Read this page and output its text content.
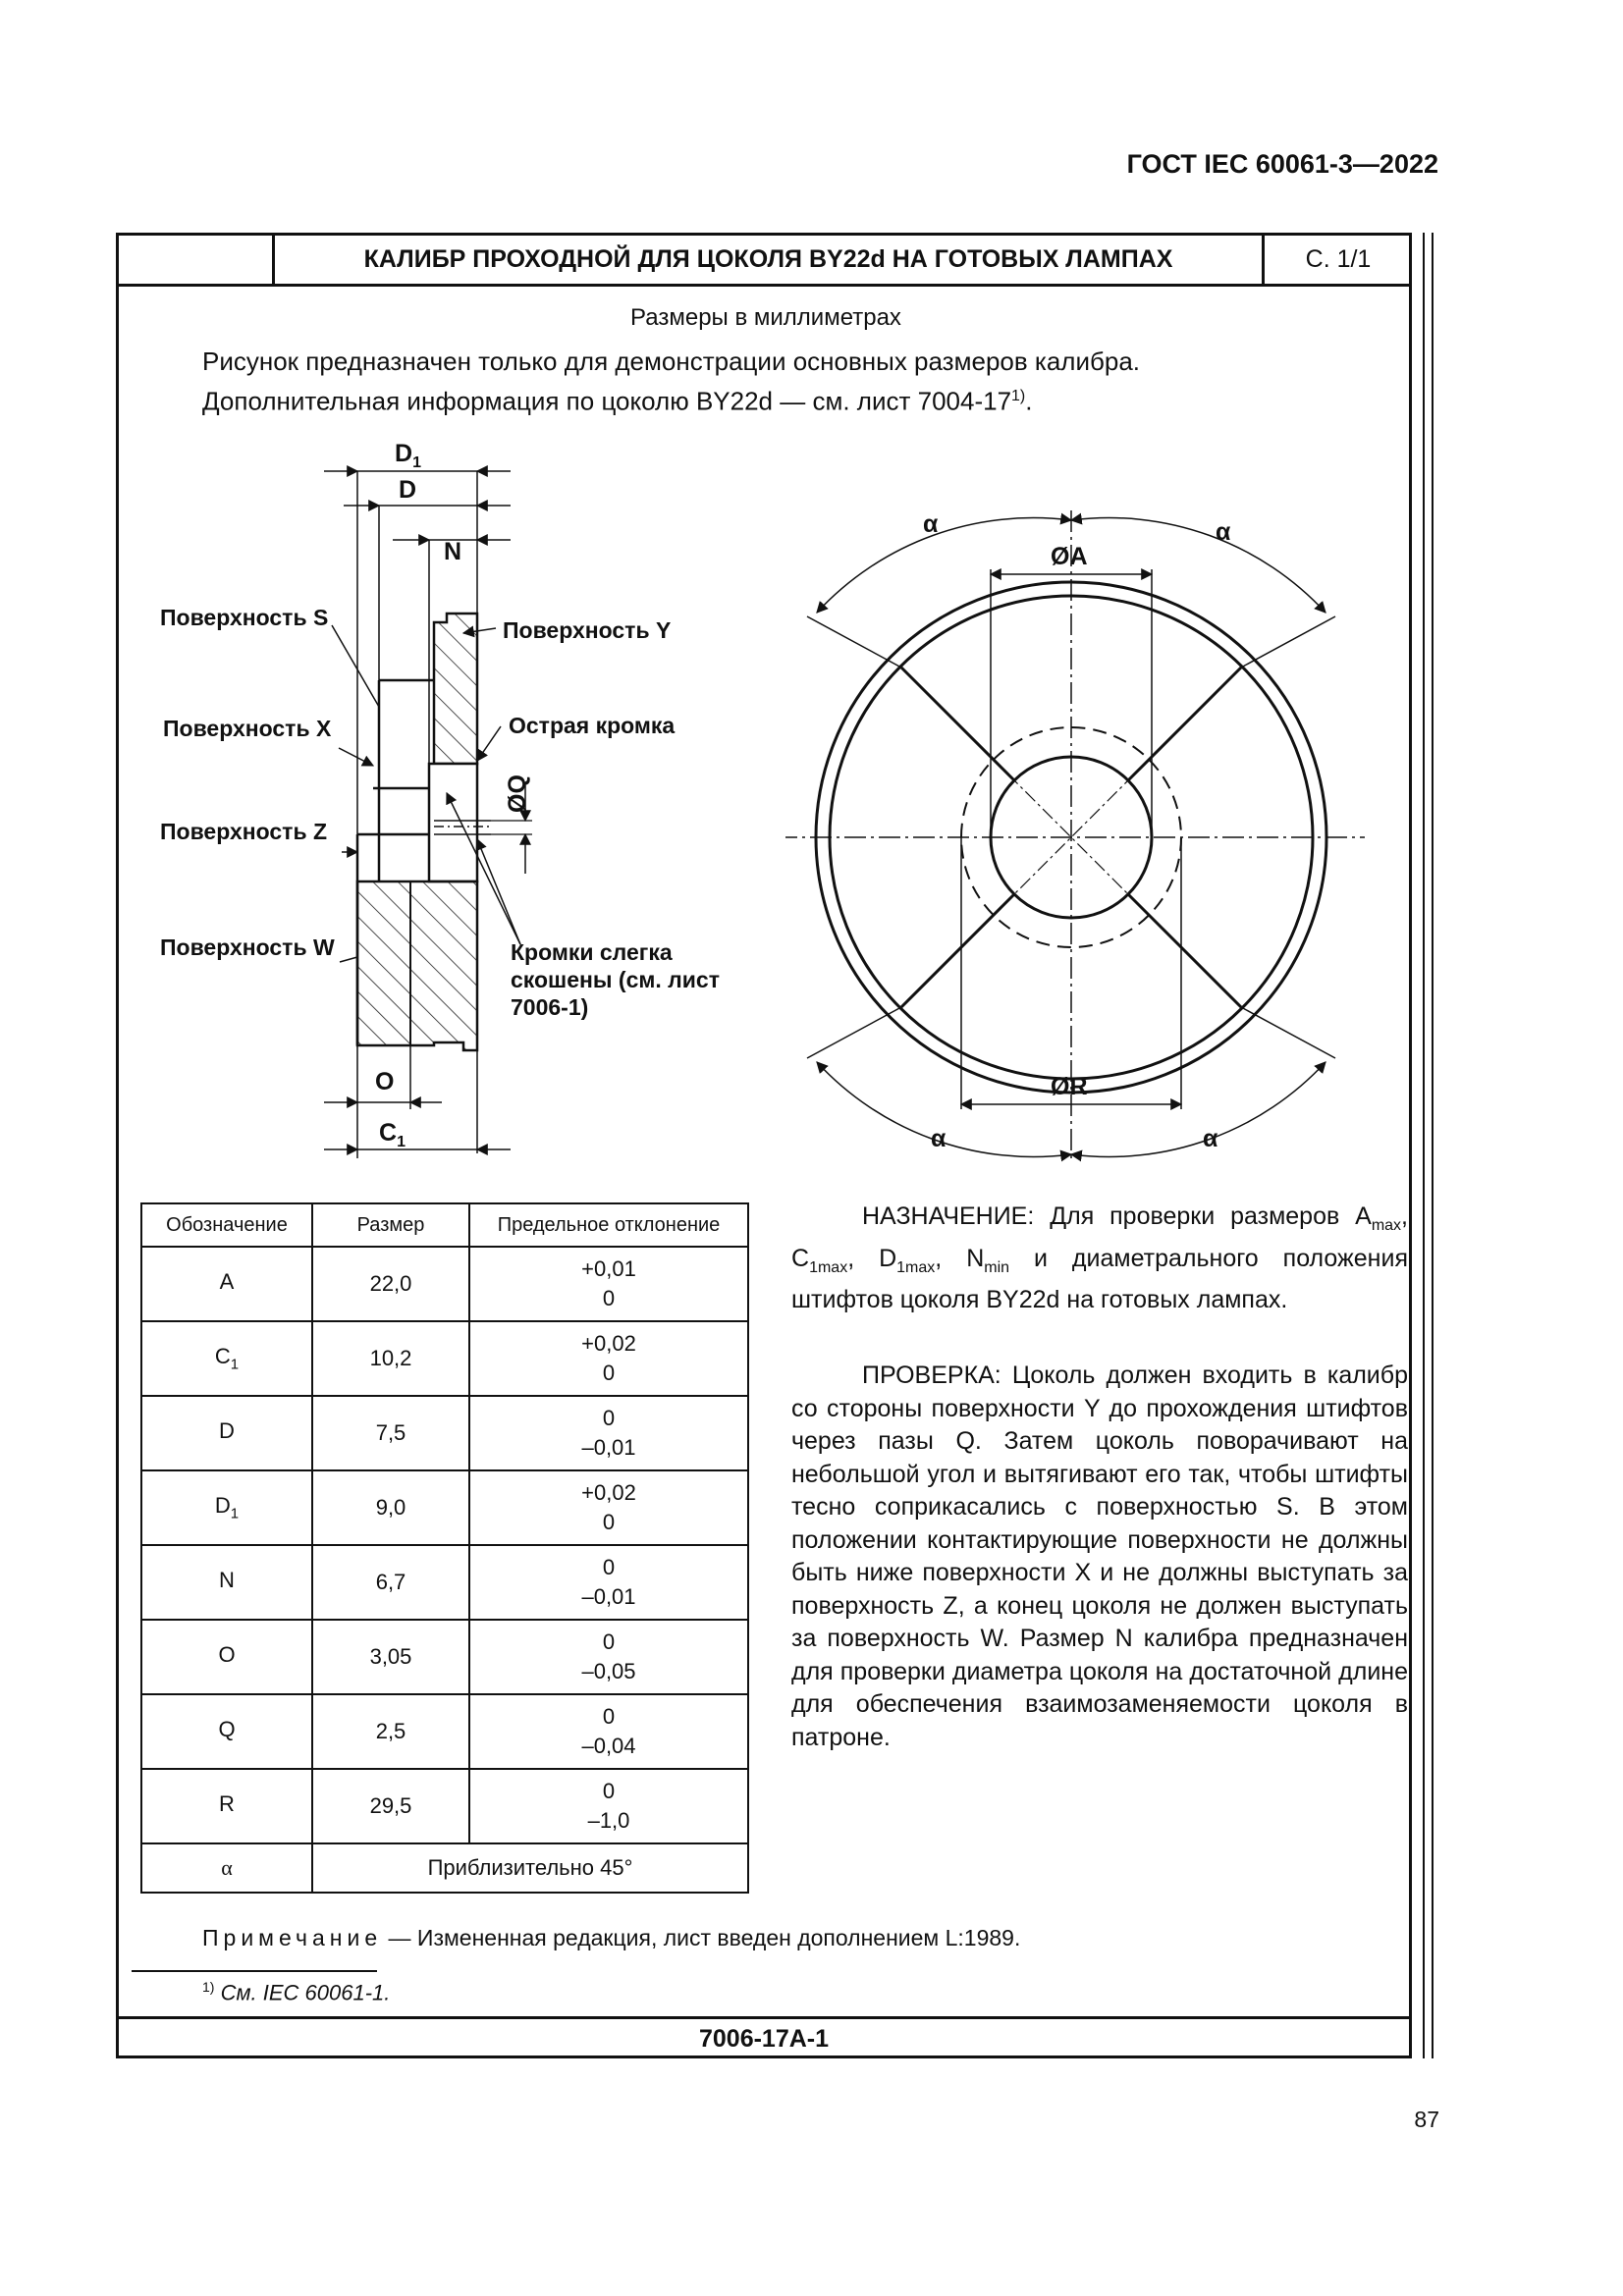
ГОСТ IEC 60061-3—2022
КАЛИБР ПРОХОДНОЙ ДЛЯ ЦОКОЛЯ BY22d НА ГОТОВЫХ ЛАМПАХ	С. 1/1
Размеры в миллиметрах
Рисунок предназначен только для демонстрации основных размеров калибра.
Дополнительная информация по цоколю BY22d — см. лист 7004-17$^{1)}$.
$D_1$
D
N
ØQ
O
$C_1$
Поверхность S
Поверхность X
Поверхность Z
Поверхность W
Поверхность Y
Острая кромка
Кромки слегка
скошены (см. лист
7006-1)
ØA
ØR
α	α
α	α
Обозначение	Размер	Предельное отклонение
A	22,0	+0,01
0

$C_1$	10,2	+0,02
0

D	7,5	0
–0,01

$D_1$	9,0	+0,02
0

N	6,7	0
–0,01

O	3,05	0
–0,05

Q	2,5	0
–0,04

R	29,5	0
–1,0

α	Приблизительно 45°	
НАЗНАЧЕНИЕ: Для проверки размеров $A_{max}$, $C_{1max}$, $D_{1max}$, $N_{min}$ и диаметрального положения штифтов цоколя BY22d на готовых лампах.
ПРОВЕРКА: Цоколь должен входить в калибр со стороны поверхности Y до прохождения штифтов через пазы Q. Затем цоколь поворачивают на небольшой угол и вытягивают его так, чтобы штифты тесно соприкасались с поверхностью S. В этом положении контактирующие поверхности не должны быть ниже поверхности X и не должны выступать за поверхность Z, а конец цоколя не должен выступать за поверхность W. Размер N калибра предназначен для проверки диаметра цоколя на достаточной длине для обеспечения взаимозаменяемости цоколя в патроне.
Примечание — Измененная редакция, лист введен дополнением L:1989.
$^{1)}$ См. IEC 60061-1.
7006-17A-1
87
